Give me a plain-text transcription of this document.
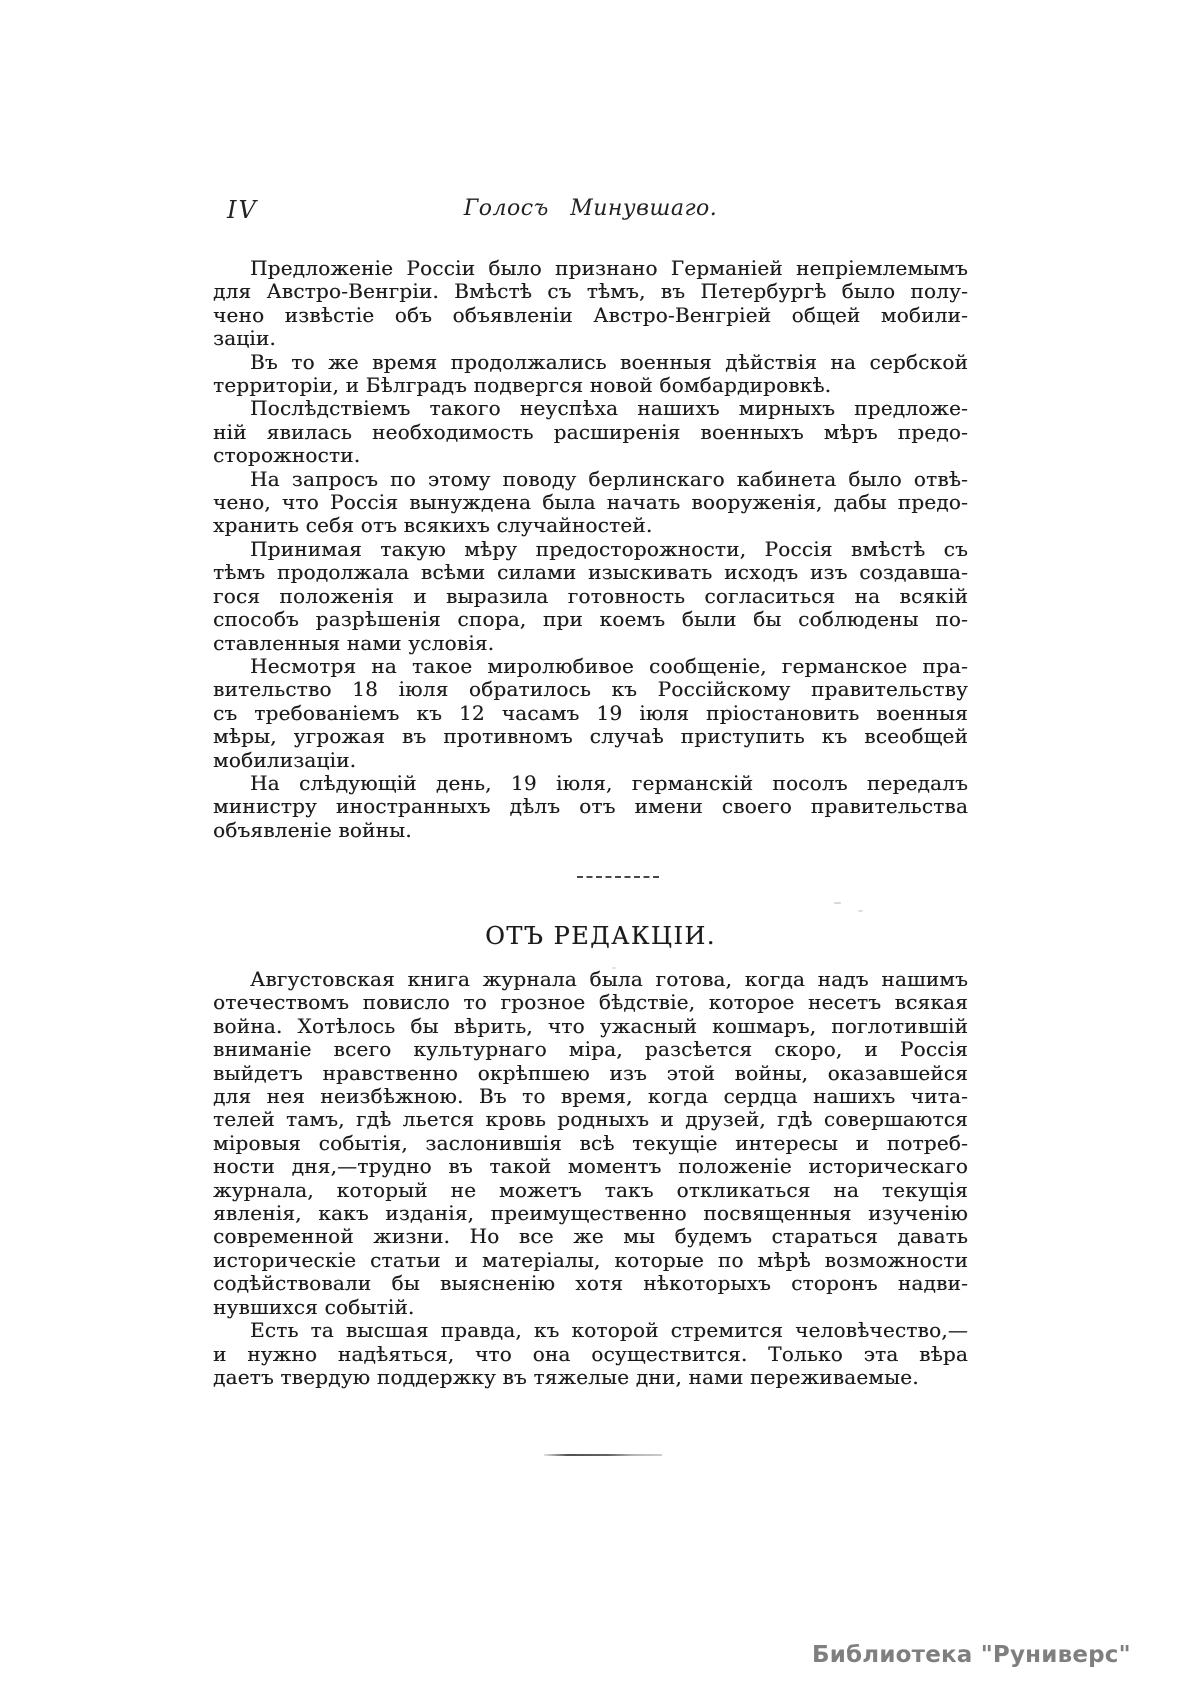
IV	Голосъ Минувшаго.
Предложеніе Россіи было признано Германіей непріемлемымъ
для Австро-Венгріи. Вмѣстѣ съ тѣмъ, въ Петербургѣ было полу-
чено извѣстіе объ объявленіи Австро-Венгріей общей мобили-
заціи.
Въ то же время продолжались военныя дѣйствія на сербской
территоріи, и Бѣлградъ подвергся новой бомбардировкѣ.
Послѣдствіемъ такого неуспѣха нашихъ мирныхъ предложе-
ній явилась необходимость расширенія военныхъ мѣръ предо-
сторожности.
На запросъ по этому поводу берлинскаго кабинета было отвѣ-
чено, что Россія вынуждена была начать вооруженія, дабы предо-
хранить себя отъ всякихъ случайностей.
Принимая такую мѣру предосторожности, Россія вмѣстѣ съ
тѣмъ продолжала всѣми силами изыскивать исходъ изъ создавша-
гося положенія и выразила готовность согласиться на всякій
способъ разрѣшенія спора, при коемъ были бы соблюдены по-
ставленныя нами условія.
Несмотря на такое миролюбивое сообщеніе, германское пра-
вительство 18 іюля обратилось къ Россійскому правительству
съ требованіемъ къ 12 часамъ 19 іюля пріостановить военныя
мѣры, угрожая въ противномъ случаѣ приступить къ всеобщей
мобилизаціи.
На слѣдующій день, 19 іюля, германскій посолъ передалъ
министру иностранныхъ дѣлъ отъ имени своего правительства
объявленіе войны.
ОТЪ РЕДАКЦІИ.
Августовская книга журнала была готова, когда надъ нашимъ
отечествомъ повисло то грозное бѣдствіе, которое несетъ всякая
война. Хотѣлось бы вѣрить, что ужасный кошмаръ, поглотившій
вниманіе всего культурнаго міра, разсѣется скоро, и Россія
выйдетъ нравственно окрѣпшею изъ этой войны, оказавшейся
для нея неизбѣжною. Въ то время, когда сердца нашихъ чита-
телей тамъ, гдѣ льется кровь родныхъ и друзей, гдѣ совершаются
міровыя событія, заслонившія всѣ текущіе интересы и потреб-
ности дня,—трудно въ такой моментъ положеніе историческаго
журнала, который не можетъ такъ откликаться на текущія
явленія, какъ изданія, преимущественно посвященныя изученію
современной жизни. Но все же мы будемъ стараться давать
историческіе статьи и матеріалы, которые по мѣрѣ возможности
содѣйствовали бы выясненію хотя нѣкоторыхъ сторонъ надви-
нувшихся событій.
Есть та высшая правда, къ которой стремится человѣчество,—
и нужно надѣяться, что она осуществится. Только эта вѣра
даетъ твердую поддержку въ тяжелые дни, нами переживаемые.
Библиотека "Руниверс"
